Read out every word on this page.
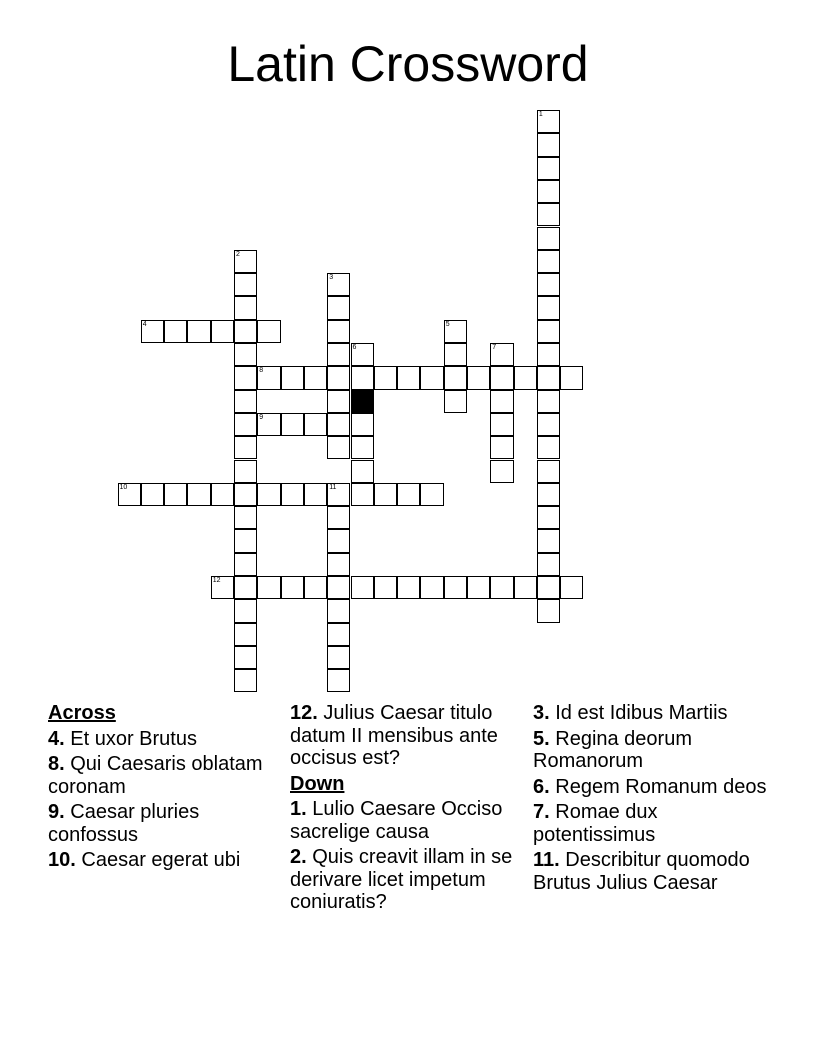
Latin Crossword
1
2
3
4	5
6	7
8
9
10	11
12
Across
4. Et uxor Brutus
8. Qui Caesaris oblatam coronam
9. Caesar pluries confossus
10. Caesar egerat ubi
12. Julius Caesar titulo datum II mensibus ante occisus est?
Down
1. Lulio Caesare Occiso sacrelige causa
2. Quis creavit illam in se derivare licet impetum coniuratis?
3. Id est Idibus Martiis
5. Regina deorum Romanorum
6. Regem Romanum deos
7. Romae dux potentissimus
11. Describitur quomodo Brutus Julius Caesar
